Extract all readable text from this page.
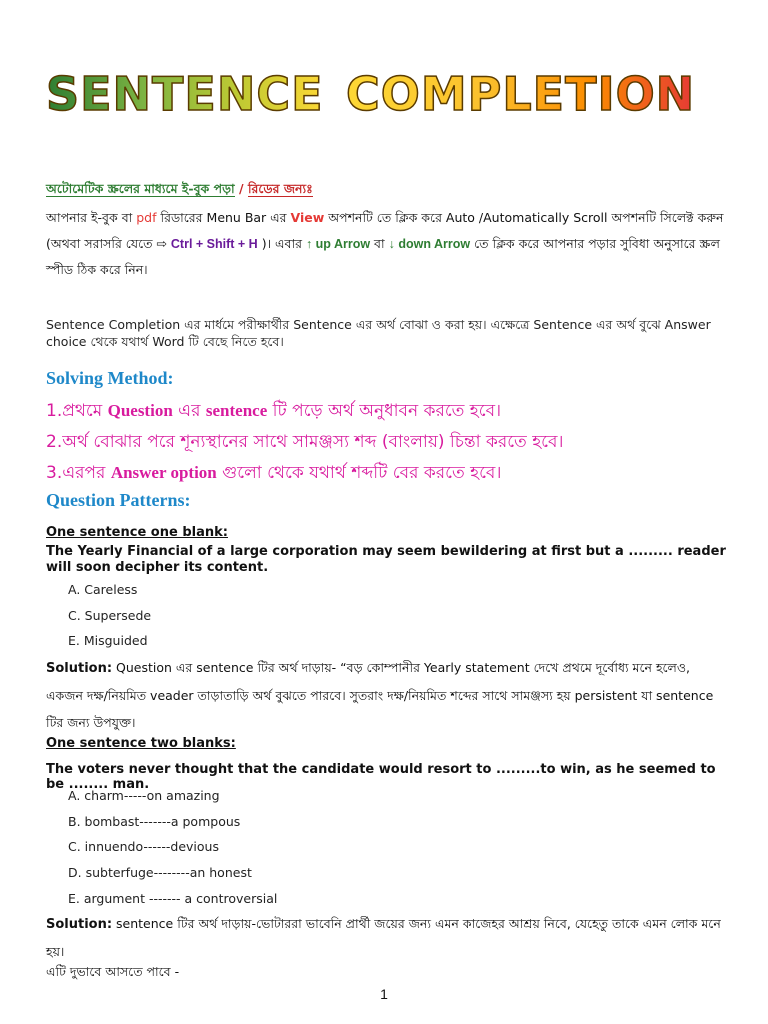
SENTENCE COMPLETION
অটোমেটিক স্ক্রলের মাধ্যমে ই-বুক পড়া / রিডের জন্যঃ
আপনার ই-বুক বা pdf রিডারের Menu Bar এর View অপশনটি তে ক্লিক করে Auto /Automatically Scroll অপশনটি সিলেক্ট করুন (অথবা সরাসরি যেতে ⇨ Ctrl + Shift + H )। এবার ↑ up Arrow বা ↓ down Arrow তে ক্লিক করে আপনার পড়ার সুবিধা অনুসারে স্ক্রল স্পীড ঠিক করে নিন।
Sentence Completion এর মার্ধমে পরীক্ষার্থীর Sentence এর অর্থ বোঝা ও করা হয়। এক্ষেত্রে Sentence এর অর্থ বুঝে Answer choice থেকে যথার্থ Word টি বেছে নিতে হবে।
Solving Method:
1.প্রথমে Question এর sentence টি পড়ে অর্থ অনুধাবন করতে হবে।
2.অর্থ বোঝার পরে শূন্যস্থানের সাথে সামঞ্জস্য শব্দ (বাংলায়) চিন্তা করতে হবে।
3.এরপর Answer option গুলো থেকে যথার্থ শব্দটি বের করতে হবে।
Question Patterns:
One sentence one blank:
The Yearly Financial of a large corporation may seem bewildering at first but a ......... reader will soon decipher its content.
A. Careless
C. Supersede
E. Misguided
Solution: Question এর sentence টির অর্থ দাড়ায়- “বড় কোম্পানীর Yearly statement দেখে প্রথমে দূর্বোধ্য মনে হলেও, একজন দক্ষ/নিয়মিত veader তাড়াতাড়ি অর্থ বুঝতে পারবে। সুতরাং দক্ষ/নিয়মিত শব্দের সাথে সামঞ্জস্য হয় persistent যা sentence টির জন্য উপযুক্ত।
One sentence two blanks:
The voters never thought that the candidate would resort to .........to win, as he seemed to be ........ man.
A. charm-----on amazing
B. bombast-------a pompous
C. innuendo------devious
D. subterfuge--------an honest
E. argument ------- a controversial
Solution: sentence টির অর্থ দাড়ায়-ভোটাররা ভাবেনি প্রার্থী জয়ের জন্য এমন কাজেহর আশ্রয় নিবে, যেহেতু তাকে এমন লোক মনে হয়।
এটি দুভাবে আসতে পাবে -
1
